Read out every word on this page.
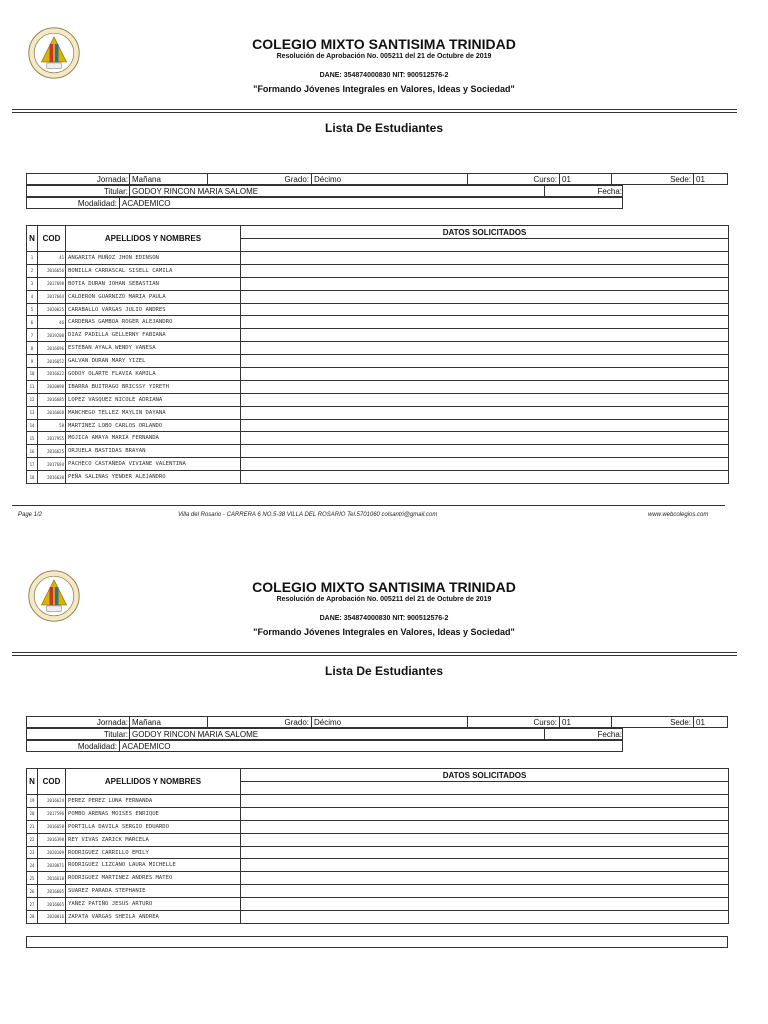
COLEGIO MIXTO SANTISIMA TRINIDAD
Resolución de Aprobación No. 005211 del 21 de Octubre de 2019
DANE: 354874000830 NIT: 900512576-2
"Formando Jóvenes Integrales en Valores, Ideas y Sociedad"
Lista De Estudiantes
Jornada: Mañana	Grado: Décimo	Curso: 01	Sede: 01
Titular: GODOY RINCON MARIA SALOME	Fecha:
Modalidad: ACADEMICO
N	COD	APELLIDOS Y NOMBRES	DATOS SOLICITADOS

1	41	ANGARITA MUÑOZ JHON EDINSON	
2	2016656	BONILLA CARRASCAL SISELL CAMILA	
3	2017698	BOTIA DURAN JOHAN SEBASTIAN	
4	2017664	CALDERON GUARNIZO MARIA PAULA	
5	2020025	CARABALLO VARGAS JULIO ANDRES	
6	46	CARDENAS GAMBOA ROGER ALEJANDRO	
7	2019200	DIAZ PADILLA GELLERNY FABIANA	
8	2016696	ESTEBAN AYALA WENDY VANESA	
9	2016652	GALVAN DURAN MARY YIZEL	
10	2016622	GODOY OLARTE FLAVIA KAMILA	
11	2020090	IBARRA BUITRAGO BRICSSY YIRETH	
12	2016685	LOPEZ VASQUEZ NICOLE ADRIANA	
13	2016668	MANCHEGO TELLEZ MAYLIN DAYANA	
14	58	MARTINEZ LOBO CARLOS ORLANDO	
15	2017955	MOJICA AMAYA MARIA FERNANDA	
16	2016625	ORJUELA BASTIDAS BRAYAN	
17	2017694	PACHECO CASTAÑEDA VIVIANE VALENTINA	
18	2016630	PEÑA SALINAS YENDER ALEJANDRO	
Page 1/2	Villa del Rosario - CARRERA 6 NO.5-38 VILLA DEL ROSARIO Tel.5701060 colsantri@gmail.com	www.webcolegios.com
COLEGIO MIXTO SANTISIMA TRINIDAD
Resolución de Aprobación No. 005211 del 21 de Octubre de 2019
DANE: 354874000830 NIT: 900512576-2
"Formando Jóvenes Integrales en Valores, Ideas y Sociedad"
Lista De Estudiantes
Jornada: Mañana	Grado: Décimo	Curso: 01	Sede: 01
Titular: GODOY RINCON MARIA SALOME	Fecha:
Modalidad: ACADEMICO
N	COD	APELLIDOS Y NOMBRES	DATOS SOLICITADOS

19	2016624	PEREZ PEREZ LUNA FERNANDA	
20	2017596	POMBO ARENAS MOISES ENRIQUE	
21	2016658	PORTILLA DAVILA SERGIO EDUARDO	
22	2016398	REY VIVAS ZARICK MARCELA	
23	2020109	RODRIGUEZ CARRILLO EMILY	
24	2020071	RODRIGUEZ LIZCANO LAURA MICHELLE	
25	2016610	RODRIGUEZ MARTINEZ ANDRES MATEO	
26	2016605	SUAREZ PARADA STEPHANIE	
27	2016665	YAÑEZ PATIÑO JESUS ARTURO	
28	2020016	ZAPATA VARGAS SHEILA ANDREA	
